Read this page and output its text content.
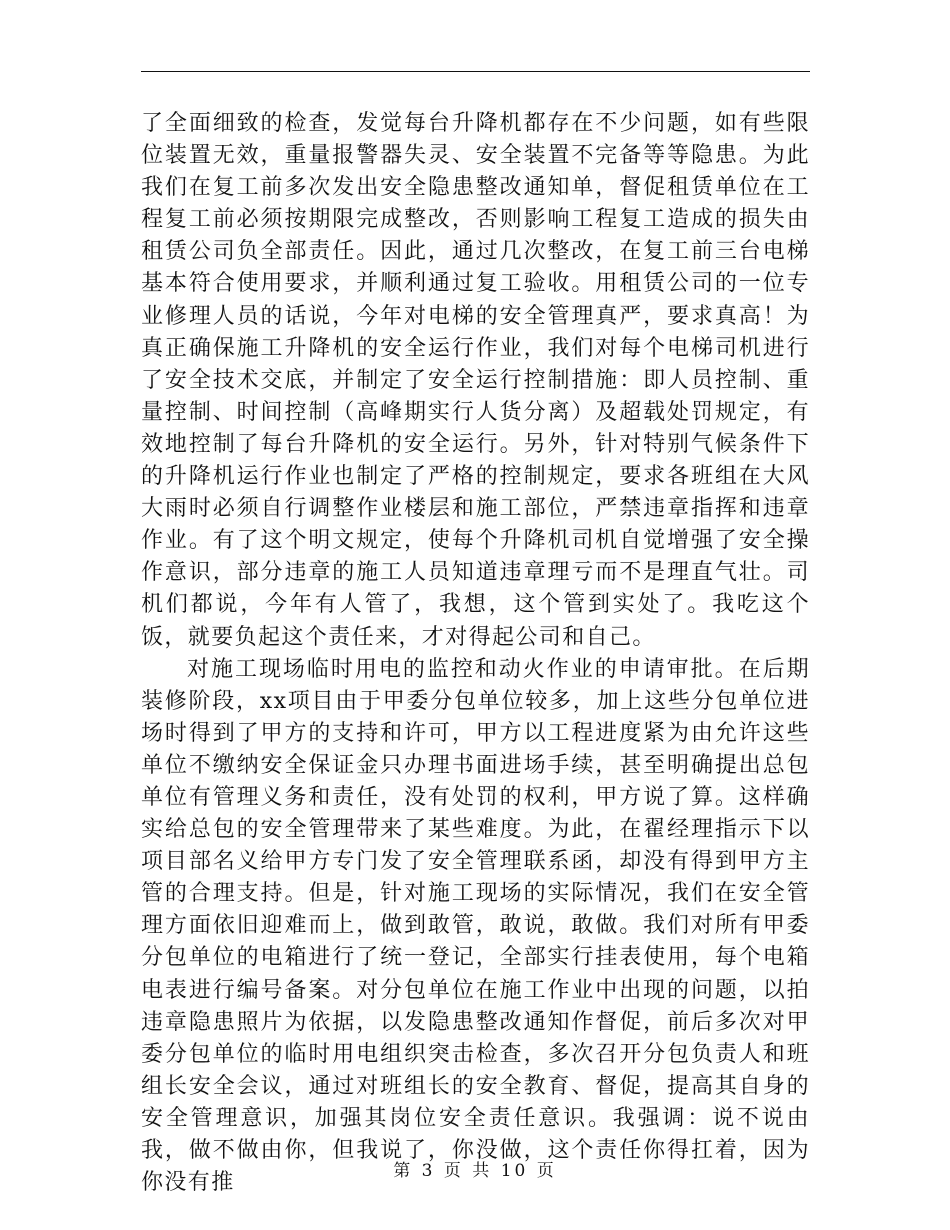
了全面细致的检查，发觉每台升降机都存在不少问题，如有些限位装置无效，重量报警器失灵、安全装置不完备等等隐患。为此我们在复工前多次发出安全隐患整改通知单，督促租赁单位在工程复工前必须按期限完成整改，否则影响工程复工造成的损失由租赁公司负全部责任。因此，通过几次整改，在复工前三台电梯基本符合使用要求，并顺利通过复工验收。用租赁公司的一位专业修理人员的话说，今年对电梯的安全管理真严，要求真高！为真正确保施工升降机的安全运行作业，我们对每个电梯司机进行了安全技术交底，并制定了安全运行控制措施：即人员控制、重量控制、时间控制（高峰期实行人货分离）及超载处罚规定，有效地控制了每台升降机的安全运行。另外，针对特别气候条件下的升降机运行作业也制定了严格的控制规定，要求各班组在大风大雨时必须自行调整作业楼层和施工部位，严禁违章指挥和违章作业。有了这个明文规定，使每个升降机司机自觉增强了安全操作意识，部分违章的施工人员知道违章理亏而不是理直气壮。司机们都说，今年有人管了，我想，这个管到实处了。我吃这个饭，就要负起这个责任来，才对得起公司和自己。

对施工现场临时用电的监控和动火作业的申请审批。在后期装修阶段，xx项目由于甲委分包单位较多，加上这些分包单位进场时得到了甲方的支持和许可，甲方以工程进度紧为由允许这些单位不缴纳安全保证金只办理书面进场手续，甚至明确提出总包单位有管理义务和责任，没有处罚的权利，甲方说了算。这样确实给总包的安全管理带来了某些难度。为此，在翟经理指示下以项目部名义给甲方专门发了安全管理联系函，却没有得到甲方主管的合理支持。但是，针对施工现场的实际情况，我们在安全管理方面依旧迎难而上，做到敢管，敢说，敢做。我们对所有甲委分包单位的电箱进行了统一登记，全部实行挂表使用，每个电箱电表进行编号备案。对分包单位在施工作业中出现的问题，以拍违章隐患照片为依据，以发隐患整改通知作督促，前后多次对甲委分包单位的临时用电组织突击检查，多次召开分包负责人和班组长安全会议，通过对班组长的安全教育、督促，提高其自身的安全管理意识，加强其岗位安全责任意识。我强调：说不说由我，做不做由你，但我说了，你没做，这个责任你得扛着，因为你没有推	第 3 页 共 10 页
